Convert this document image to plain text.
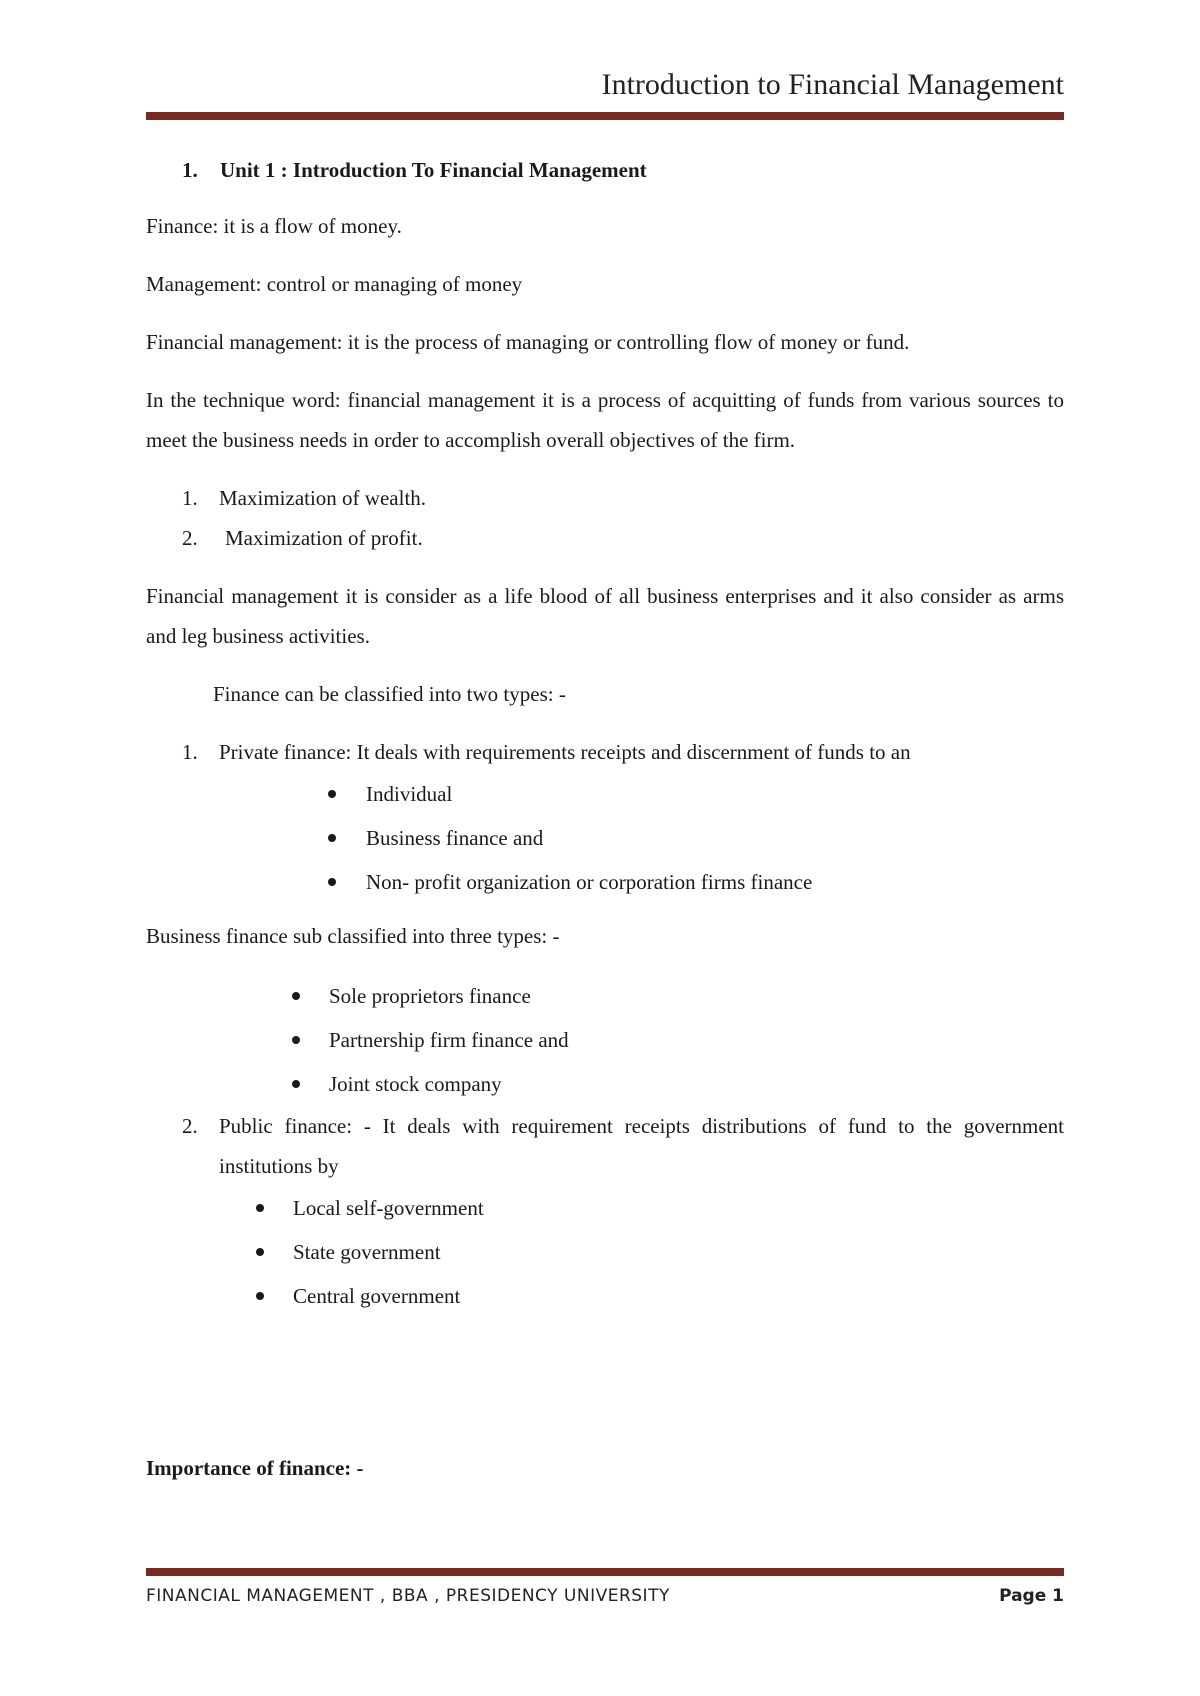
Introduction to Financial Management

1. Unit 1 : Introduction To Financial Management

Finance: it is a flow of money.

Management: control or managing of money

Financial management: it is the process of managing or controlling flow of money or fund.

In the technique word: financial management it is a process of acquitting of funds from various sources to meet the business needs in order to accomplish overall objectives of the firm.

1. Maximization of wealth.
2. Maximization of profit.

Financial management it is consider as a life blood of all business enterprises and it also consider as arms and leg business activities.

Finance can be classified into two types: -

1. Private finance: It deals with requirements receipts and discernment of funds to an
Individual
Business finance and
Non- profit organization or corporation firms finance

Business finance sub classified into three types: -

Sole proprietors finance
Partnership firm finance and
Joint stock company
2. Public finance: - It deals with requirement receipts distributions of fund to the government institutions by
Local self-government
State government
Central government

Importance of finance: -

FINANCIAL MANAGEMENT , BBA , PRESIDENCY UNIVERSITY	Page 1
